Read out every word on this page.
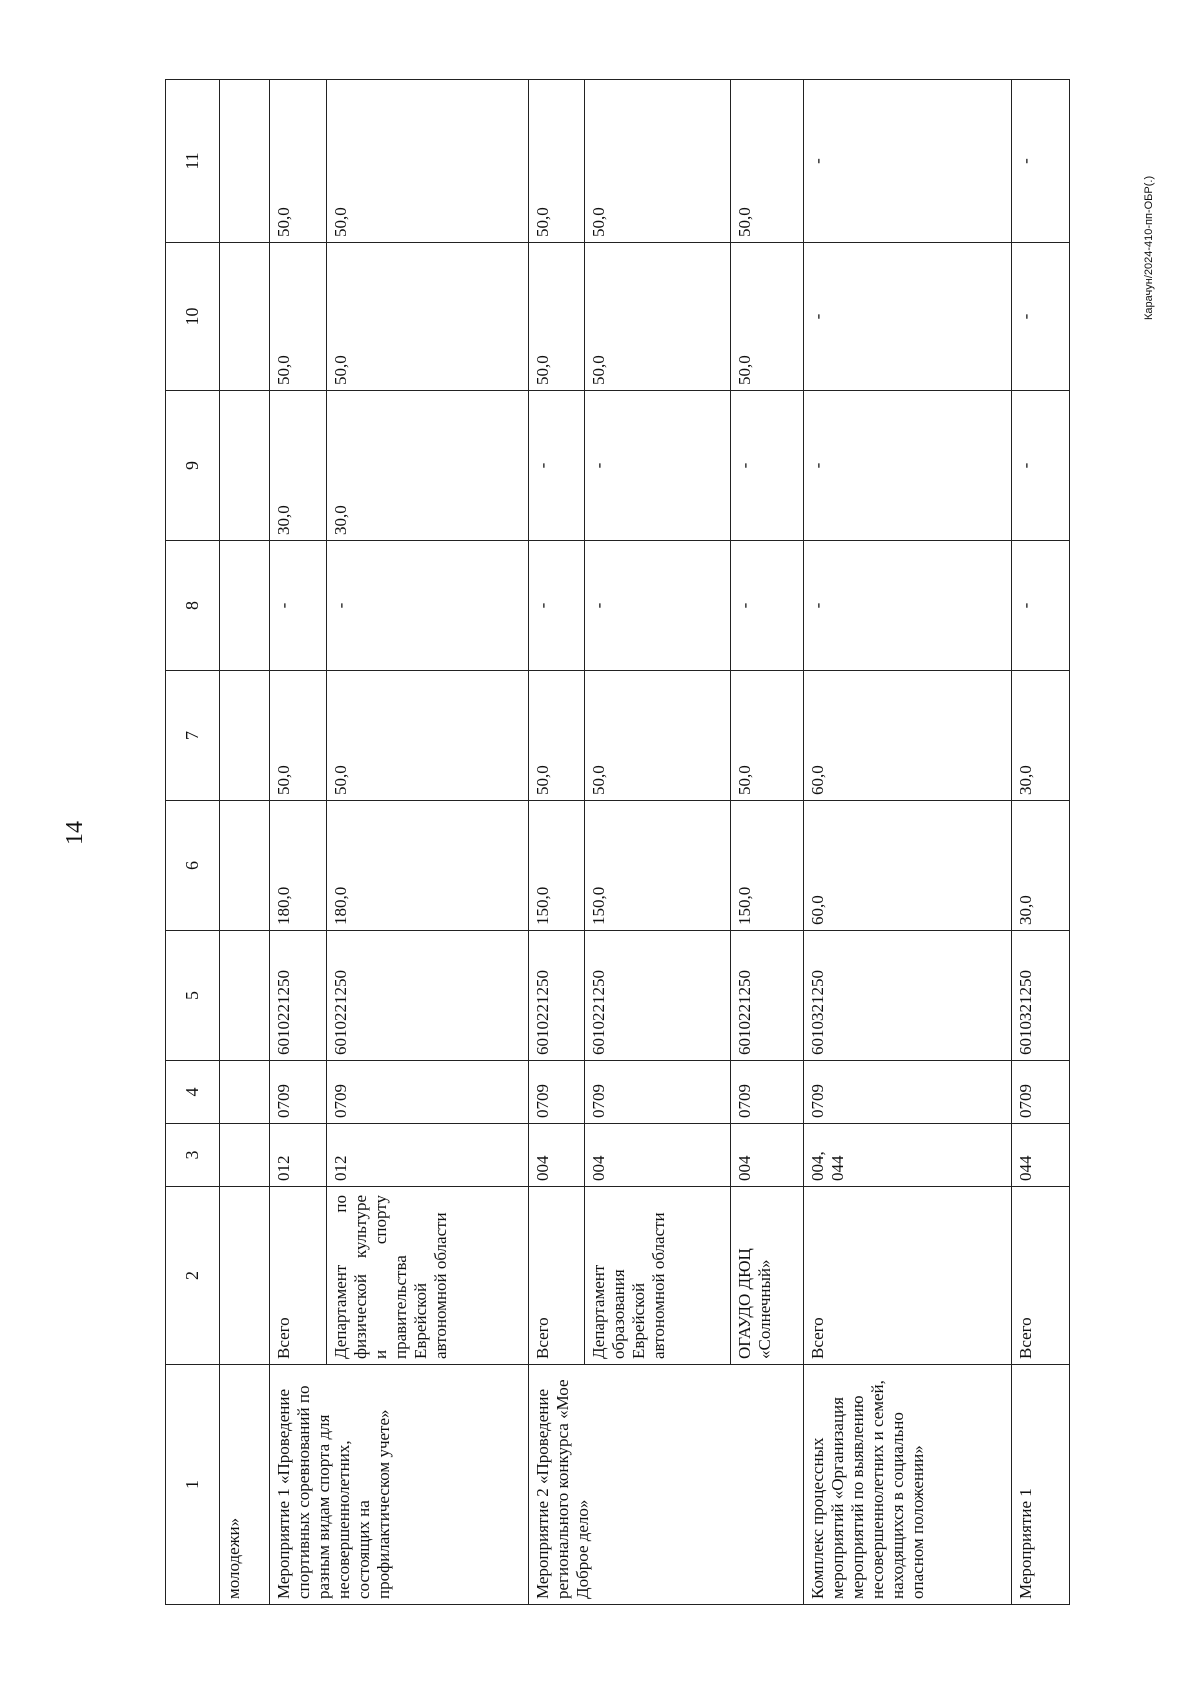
14
Карачун/2024-410-пп-ОБР(.)
1	2	3	4	5	6	7	8	9	10	11
молодежи»										
Мероприятие 1 «Проведение спортивных соревнований по разным видам спорта для несовершеннолетних, состоящих на профилактическом учете»	Всего	012	0709	6010221250	180,0	50,0	-	30,0	50,0	50,0
	Департамент по физической культуре и спорту правительства Еврейской автономной области	012	0709	6010221250	180,0	50,0	-	30,0	50,0	50,0
Мероприятие 2 «Проведение регионального конкурса «Мое Доброе дело»	Всего	004	0709	6010221250	150,0	50,0	-	-	50,0	50,0
	Департамент образования Еврейской автономной области	004	0709	6010221250	150,0	50,0	-	-	50,0	50,0
	ОГАУДО ДЮЦ «Солнечный»	004	0709	6010221250	150,0	50,0	-	-	50,0	50,0
Комплекс процессных мероприятий «Организация мероприятий по выявлению несовершеннолетних и семей, находящихся в социально опасном положении»	Всего	004, 044	0709	6010321250	60,0	60,0	-	-	-	-
Мероприятие 1	Всего	044	0709	6010321250	30,0	30,0	-	-	-	-
